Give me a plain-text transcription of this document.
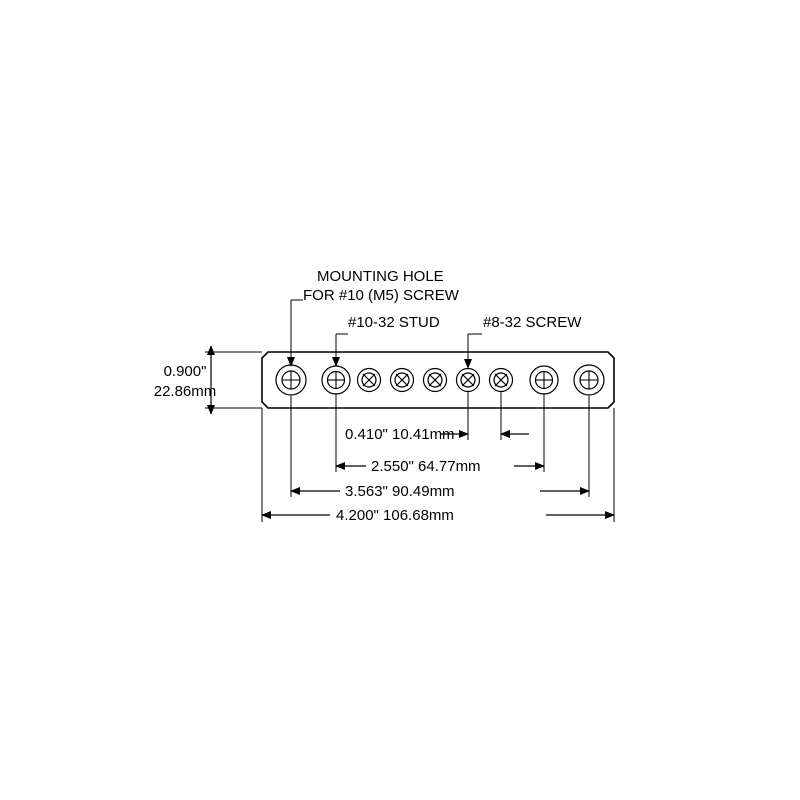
MOUNTING HOLE
FOR #10 (M5) SCREW
#10-32 STUD	#8-32 SCREW
0.900"
22.86mm
0.410" 10.41mm
2.550" 64.77mm
3.563" 90.49mm
4.200" 106.68mm
